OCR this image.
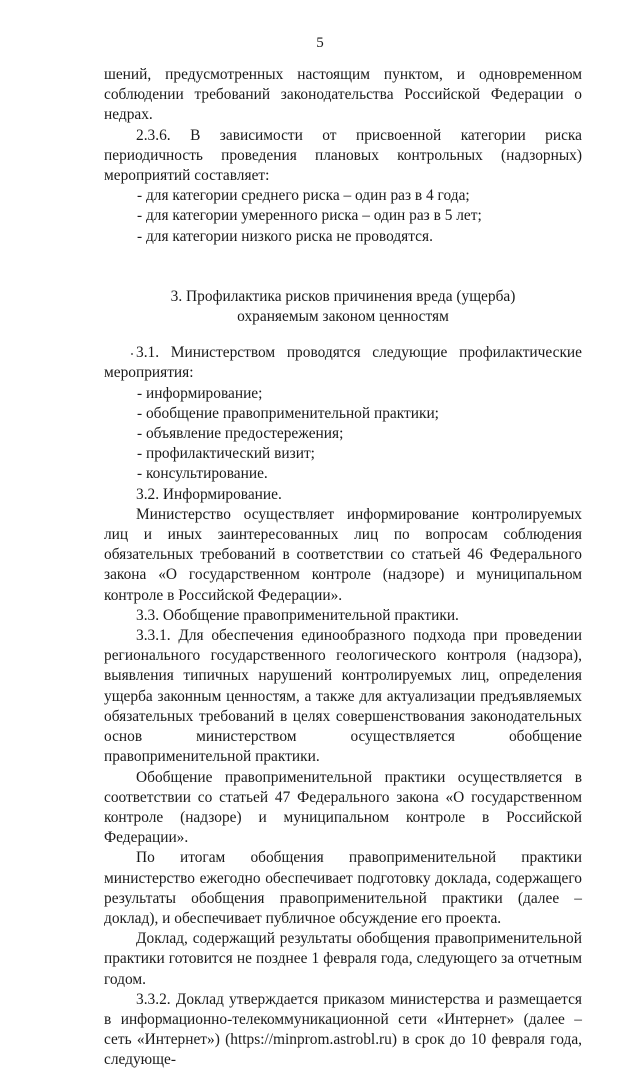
5

шений, предусмотренных настоящим пунктом, и одновременном соблюдении требований законодательства Российской Федерации о недрах.

2.3.6. В зависимости от присвоенной категории риска периодичность проведения плановых контрольных (надзорных) мероприятий составляет:

- для категории среднего риска – один раз в 4 года;

- для категории умеренного риска – один раз в 5 лет;

- для категории низкого риска не проводятся.

3. Профилактика рисков причинения вреда (ущерба)

охраняемым законом ценностям

3.1. Министерством проводятся следующие профилактические мероприятия:

- информирование;

- обобщение правоприменительной практики;

- объявление предостережения;

- профилактический визит;

- консультирование.

3.2. Информирование.

Министерство осуществляет информирование контролируемых лиц и иных заинтересованных лиц по вопросам соблюдения обязательных требований в соответствии со статьей 46 Федерального закона «О государственном контроле (надзоре) и муниципальном контроле в Российской Федерации».

3.3. Обобщение правоприменительной практики.

3.3.1. Для обеспечения единообразного подхода при проведении регионального государственного геологического контроля (надзора), выявления типичных нарушений контролируемых лиц, определения ущерба законным ценностям, а также для актуализации предъявляемых обязательных требований в целях совершенствования законодательных основ министерством осуществляется обобщение правоприменительной практики.

Обобщение правоприменительной практики осуществляется в соответствии со статьей 47 Федерального закона «О государственном контроле (надзоре) и муниципальном контроле в Российской Федерации».

По итогам обобщения правоприменительной практики министерство ежегодно обеспечивает подготовку доклада, содержащего результаты обобщения правоприменительной практики (далее – доклад), и обеспечивает публичное обсуждение его проекта.

Доклад, содержащий результаты обобщения правоприменительной практики готовится не позднее 1 февраля года, следующего за отчетным годом.

3.3.2. Доклад утверждается приказом министерства и размещается в информационно-телекоммуникационной сети «Интернет» (далее – сеть «Интернет») (https://minprom.astrobl.ru) в срок до 10 февраля года, следующе-
